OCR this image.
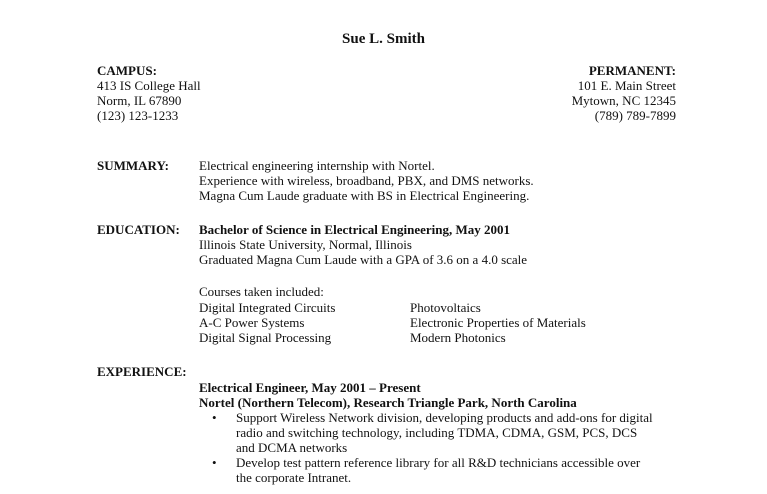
Sue L. Smith
CAMPUS:
413 IS College Hall
Norm, IL 67890
(123) 123-1233
PERMANENT:
101 E. Main Street
Mytown, NC 12345
(789) 789-7899
SUMMARY: Electrical engineering internship with Nortel.
Experience with wireless, broadband, PBX, and DMS networks.
Magna Cum Laude graduate with BS in Electrical Engineering.
EDUCATION: Bachelor of Science in Electrical Engineering, May 2001
Illinois State University, Normal, Illinois
Graduated Magna Cum Laude with a GPA of 3.6 on a 4.0 scale
Courses taken included:
Digital Integrated Circuits	Photovoltaics
A-C Power Systems	Electronic Properties of Materials
Digital Signal Processing	Modern Photonics
EXPERIENCE:
Electrical Engineer, May 2001 – Present
Nortel (Northern Telecom), Research Triangle Park, North Carolina
• Support Wireless Network division, developing products and add-ons for digital
radio and switching technology, including TDMA, CDMA, GSM, PCS, DCS
and DCMA networks
• Develop test pattern reference library for all R&D technicians accessible over
the corporate Intranet.
